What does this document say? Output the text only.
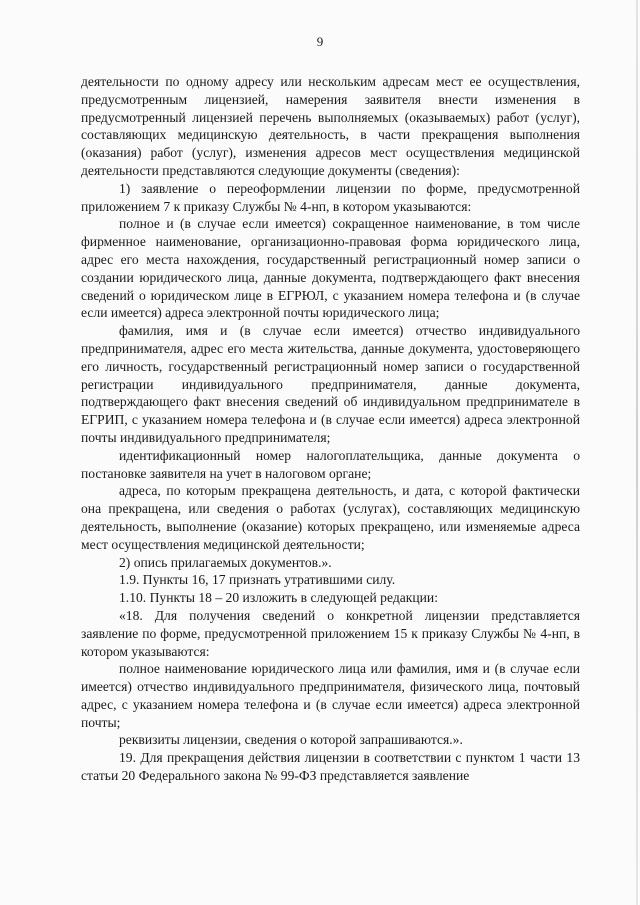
9

деятельности по одному адресу или нескольким адресам мест ее осуществления, предусмотренным лицензией, намерения заявителя внести изменения в предусмотренный лицензией перечень выполняемых (оказываемых) работ (услуг), составляющих медицинскую деятельность, в части прекращения выполнения (оказания) работ (услуг), изменения адресов мест осуществления медицинской деятельности представляются следующие документы (сведения):

1) заявление о переоформлении лицензии по форме, предусмотренной приложением 7 к приказу Службы № 4-нп, в котором указываются:

полное и (в случае если имеется) сокращенное наименование, в том числе фирменное наименование, организационно-правовая форма юридического лица, адрес его места нахождения, государственный регистрационный номер записи о создании юридического лица, данные документа, подтверждающего факт внесения сведений о юридическом лице в ЕГРЮЛ, с указанием номера телефона и (в случае если имеется) адреса электронной почты юридического лица;

фамилия, имя и (в случае если имеется) отчество индивидуального предпринимателя, адрес его места жительства, данные документа, удостоверяющего его личность, государственный регистрационный номер записи о государственной регистрации индивидуального предпринимателя, данные документа, подтверждающего факт внесения сведений об индивидуальном предпринимателе в ЕГРИП, с указанием номера телефона и (в случае если имеется) адреса электронной почты индивидуального предпринимателя;

идентификационный номер налогоплательщика, данные документа о постановке заявителя на учет в налоговом органе;

адреса, по которым прекращена деятельность, и дата, с которой фактически она прекращена, или сведения о работах (услугах), составляющих медицинскую деятельность, выполнение (оказание) которых прекращено, или изменяемые адреса мест осуществления медицинской деятельности;

2) опись прилагаемых документов.».

1.9. Пункты 16, 17 признать утратившими силу.

1.10. Пункты 18 – 20 изложить в следующей редакции:

«18. Для получения сведений о конкретной лицензии представляется заявление по форме, предусмотренной приложением 15 к приказу Службы № 4-нп, в котором указываются:

полное наименование юридического лица или фамилия, имя и (в случае если имеется) отчество индивидуального предпринимателя, физического лица, почтовый адрес, с указанием номера телефона и (в случае если имеется) адреса электронной почты;

реквизиты лицензии, сведения о которой запрашиваются.».

19. Для прекращения действия лицензии в соответствии с пунктом 1 части 13 статьи 20 Федерального закона № 99-ФЗ представляется заявление
